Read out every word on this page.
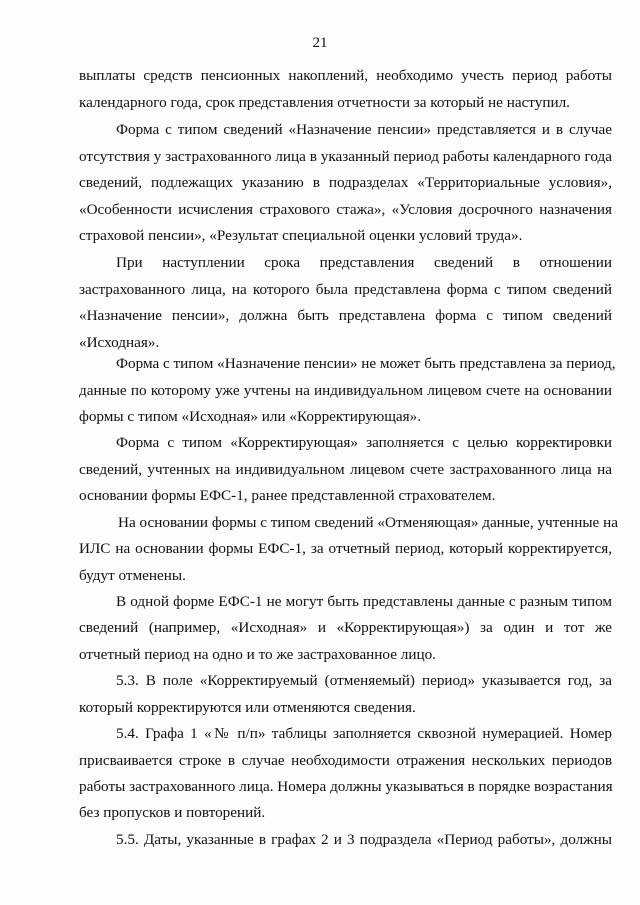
21
выплаты средств пенсионных накоплений, необходимо учесть период работы
календарного года, срок представления отчетности за который не наступил.
Форма с типом сведений «Назначение пенсии» представляется и в случае
отсутствия у застрахованного лица в указанный период работы календарного года
сведений, подлежащих указанию в подразделах «Территориальные условия»,
«Особенности исчисления страхового стажа», «Условия досрочного назначения
страховой пенсии», «Результат специальной оценки условий труда».
При наступлении срока представления сведений в отношении
застрахованного лица, на которого была представлена форма с типом сведений
«Назначение пенсии», должна быть представлена форма с типом сведений
«Исходная».
Форма с типом «Назначение пенсии» не может быть представлена за период,
данные по которому уже учтены на индивидуальном лицевом счете на основании
формы с типом «Исходная» или «Корректирующая».
Форма с типом «Корректирующая» заполняется с целью корректировки
сведений, учтенных на индивидуальном лицевом счете застрахованного лица на
основании формы ЕФС-1, ранее представленной страхователем.
На основании формы с типом сведений «Отменяющая» данные, учтенные на
ИЛС на основании формы ЕФС-1, за отчетный период, который корректируется,
будут отменены.
В одной форме ЕФС-1 не могут быть представлены данные с разным типом
сведений (например, «Исходная» и «Корректирующая») за один и тот же
отчетный период на одно и то же застрахованное лицо.
5.3. В поле «Корректируемый (отменяемый) период» указывается год, за
который корректируются или отменяются сведения.
5.4. Графа 1 «№ п/п» таблицы заполняется сквозной нумерацией. Номер
присваивается строке в случае необходимости отражения нескольких периодов
работы застрахованного лица. Номера должны указываться в порядке возрастания
без пропусков и повторений.
5.5. Даты, указанные в графах 2 и 3 подраздела «Период работы», должны
